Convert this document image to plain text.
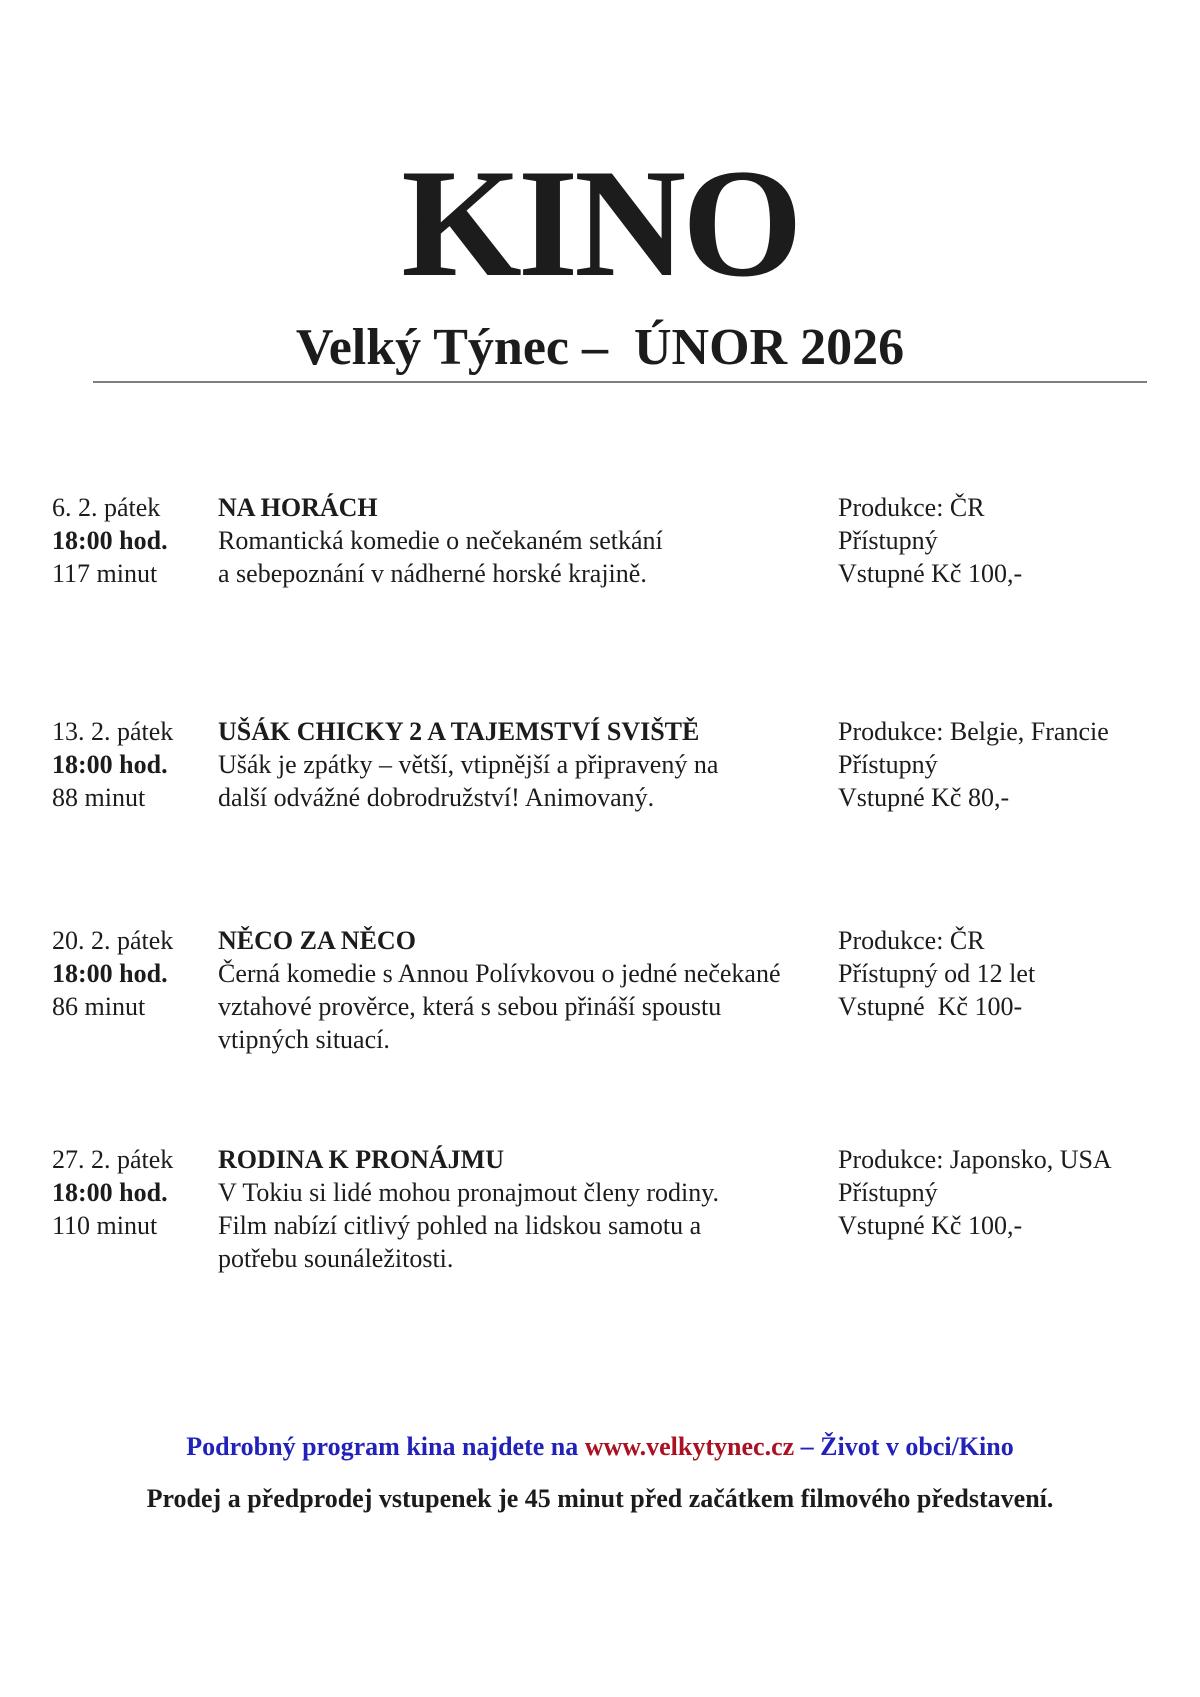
KINO
Velký Týnec –  ÚNOR 2026
6. 2. pátek
18:00 hod.
117 minut
NA HORÁCH
Romantická komedie o nečekaném setkání
a sebepoznání v nádherné horské krajině.
Produkce: ČR
Přístupný
Vstupné Kč 100,-
13. 2. pátek
18:00 hod.
88 minut
UŠÁK CHICKY 2 A TAJEMSTVÍ SVIŠTĚ
Ušák je zpátky – větší, vtipnější a připravený na
další odvážné dobrodružství! Animovaný.
Produkce: Belgie, Francie
Přístupný
Vstupné Kč 80,-
20. 2. pátek
18:00 hod.
86 minut
NĚCO ZA NĚCO
Černá komedie s Annou Polívkovou o jedné nečekané
vztahové prověrce, která s sebou přináší spoustu
vtipných situací.
Produkce: ČR
Přístupný od 12 let
Vstupné  Kč 100-
27. 2. pátek
18:00 hod.
110 minut
RODINA K PRONÁJMU
V Tokiu si lidé mohou pronajmout členy rodiny.
Film nabízí citlivý pohled na lidskou samotu a
potřebu sounáležitosti.
Produkce: Japonsko, USA
Přístupný
Vstupné Kč 100,-
Podrobný program kina najdete na www.velkytynec.cz – Život v obci/Kino
Prodej a předprodej vstupenek je 45 minut před začátkem filmového představení.
